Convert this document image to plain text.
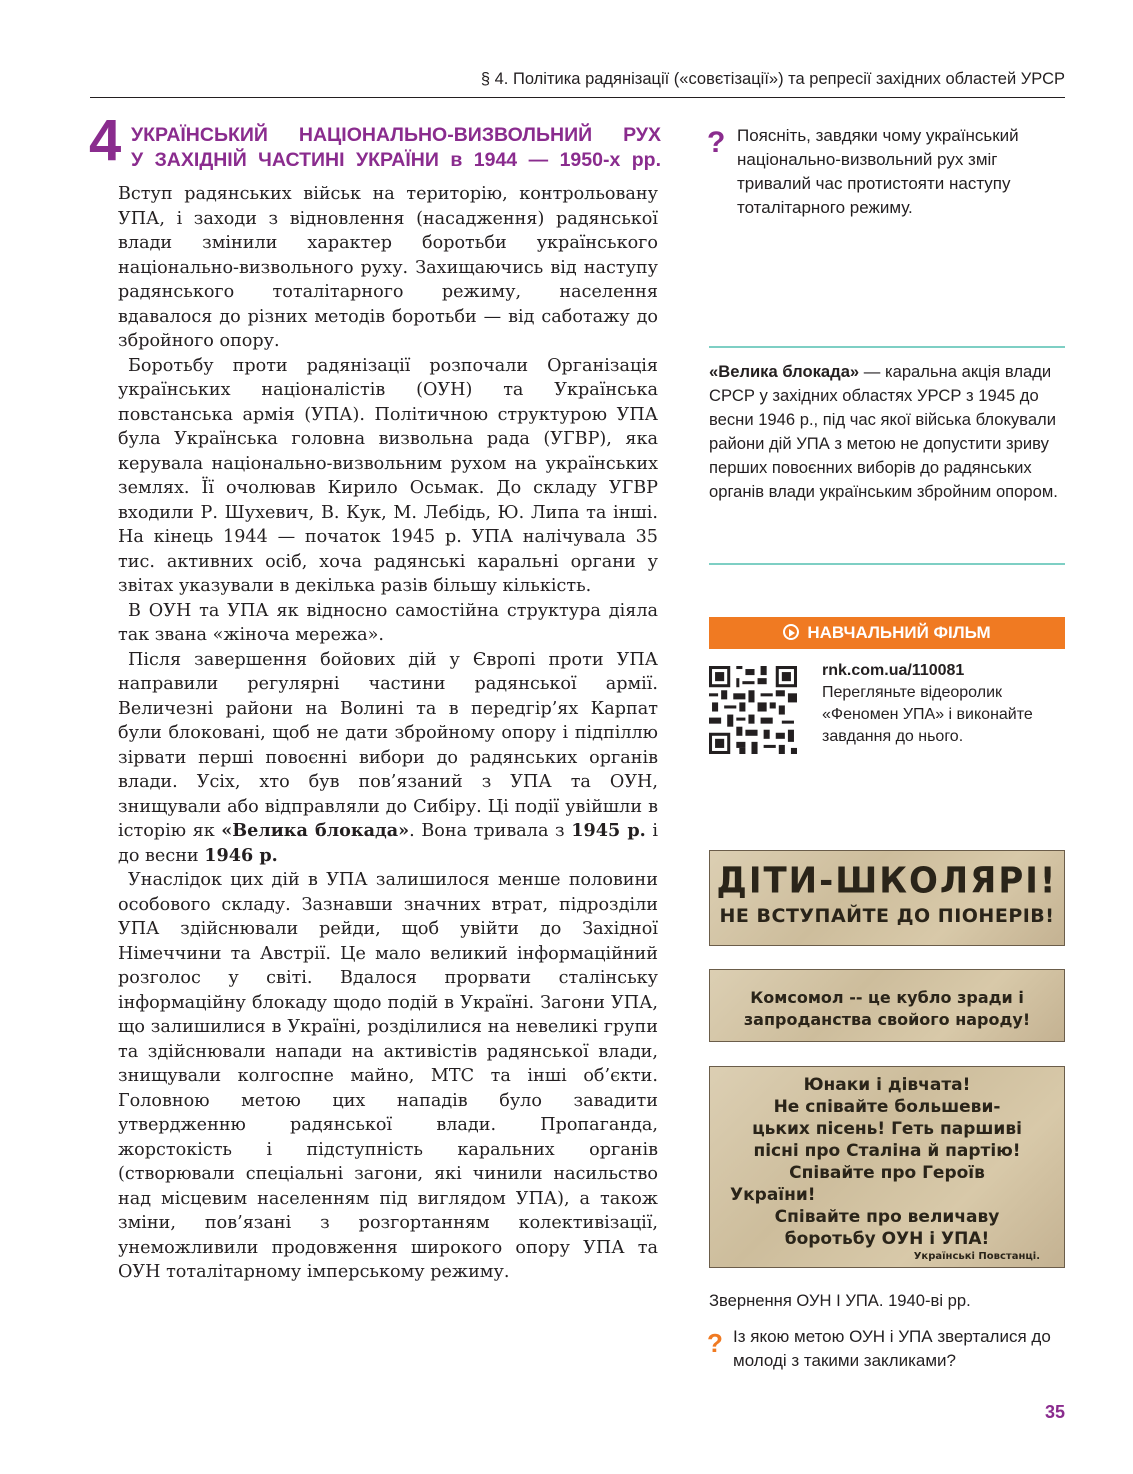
§ 4. Політика радянізації («совєтізації») та репресії західних областей УРСР
4 УКРАЇНСЬКИЙ НАЦІОНАЛЬНО-ВИЗВОЛЬНИЙ РУХ
У ЗАХІДНІЙ ЧАСТИНІ УКРАЇНИ в 1944 — 1950-х рр.

Вступ радянських військ на територію, контрольовану УПА, і заходи з відновлення (насадження) радянської влади змінили характер боротьби українського національно-визвольного руху. Захищаючись від наступу радянського тоталітарного режиму, населення вдавалося до різних методів боротьби — від саботажу до збройного опору.

Боротьбу проти радянізації розпочали Організація українських націоналістів (ОУН) та Українська повстанська армія (УПА). Політичною структурою УПА була Українська головна визвольна рада (УГВР), яка керувала національно-визвольним рухом на українських землях. Її очолював Кирило Осьмак. До складу УГВР входили Р. Шухевич, В. Кук, М. Лебідь, Ю. Липа та інші. На кінець 1944 — початок 1945 р. УПА налічувала 35 тис. активних осіб, хоча радянські каральні органи у звітах указували в декілька разів більшу кількість.

В ОУН та УПА як відносно самостійна структура діяла так звана «жіноча мережа».

Після завершення бойових дій у Європі проти УПА направили регулярні частини радянської армії. Величезні райони на Волині та в передгір’ях Карпат були блоковані, щоб не дати збройному опору і підпіллю зірвати перші повоєнні вибори до радянських органів влади. Усіх, хто був пов’язаний з УПА та ОУН, знищували або відправляли до Сибіру. Ці події увійшли в історію як «Велика блокада». Вона тривала з 1945 р. і до весни 1946 р.

Унаслідок цих дій в УПА залишилося менше половини особового складу. Зазнавши значних втрат, підрозділи УПА здійснювали рейди, щоб увійти до Західної Німеччини та Австрії. Це мало великий інформаційний розголос у світі. Вдалося прорвати сталінську інформаційну блокаду щодо подій в Україні. Загони УПА, що залишилися в Україні, розділилися на невеликі групи та здійснювали напади на активістів радянської влади, знищували колгоспне майно, МТС та інші об’єкти. Головною метою цих нападів було завадити утвердженню радянської влади. Пропаганда, жорстокість і підступність каральних органів (створювали спеціальні загони, які чинили насильство над місцевим населенням під виглядом УПА), а також зміни, пов’язані з розгортанням колективізації, унеможливили продовження широкого опору УПА та ОУН тоталітарному імперському режиму.

? Поясніть, завдяки чому український національно-визвольний рух зміг тривалий час протистояти наступу тоталітарного режиму.
«Велика блокада» — каральна акція влади СРСР у західних областях УРСР з 1945 до весни 1946 р., під час якої війська блокували райони дій УПА з метою не допустити зриву перших повоєнних виборів до радянських органів влади українським збройним опором.
НАВЧАЛЬНИЙ ФІЛЬМ
rnk.com.ua/110081
Перегляньте відеоролик «Феномен УПА» і виконайте завдання до нього.
ДІТИ-ШКОЛЯРІ!
НЕ ВСТУПАЙТЕ ДО ПІОНЕРІВ!
Комсомол -- це кубло зради і
запроданства свойого народу!
Юнаки і дівчата!
Не співайте большеви-
цьких пісень! Геть паршиві
пісні про Сталіна й партію!
Співайте про Героїв
України!
Співайте про величаву
боротьбу ОУН і УПА!
Українські Повстанці.
Звернення ОУН І УПА. 1940-ві рр.
? Із якою метою ОУН і УПА зверталися до молоді з такими закликами?
35
